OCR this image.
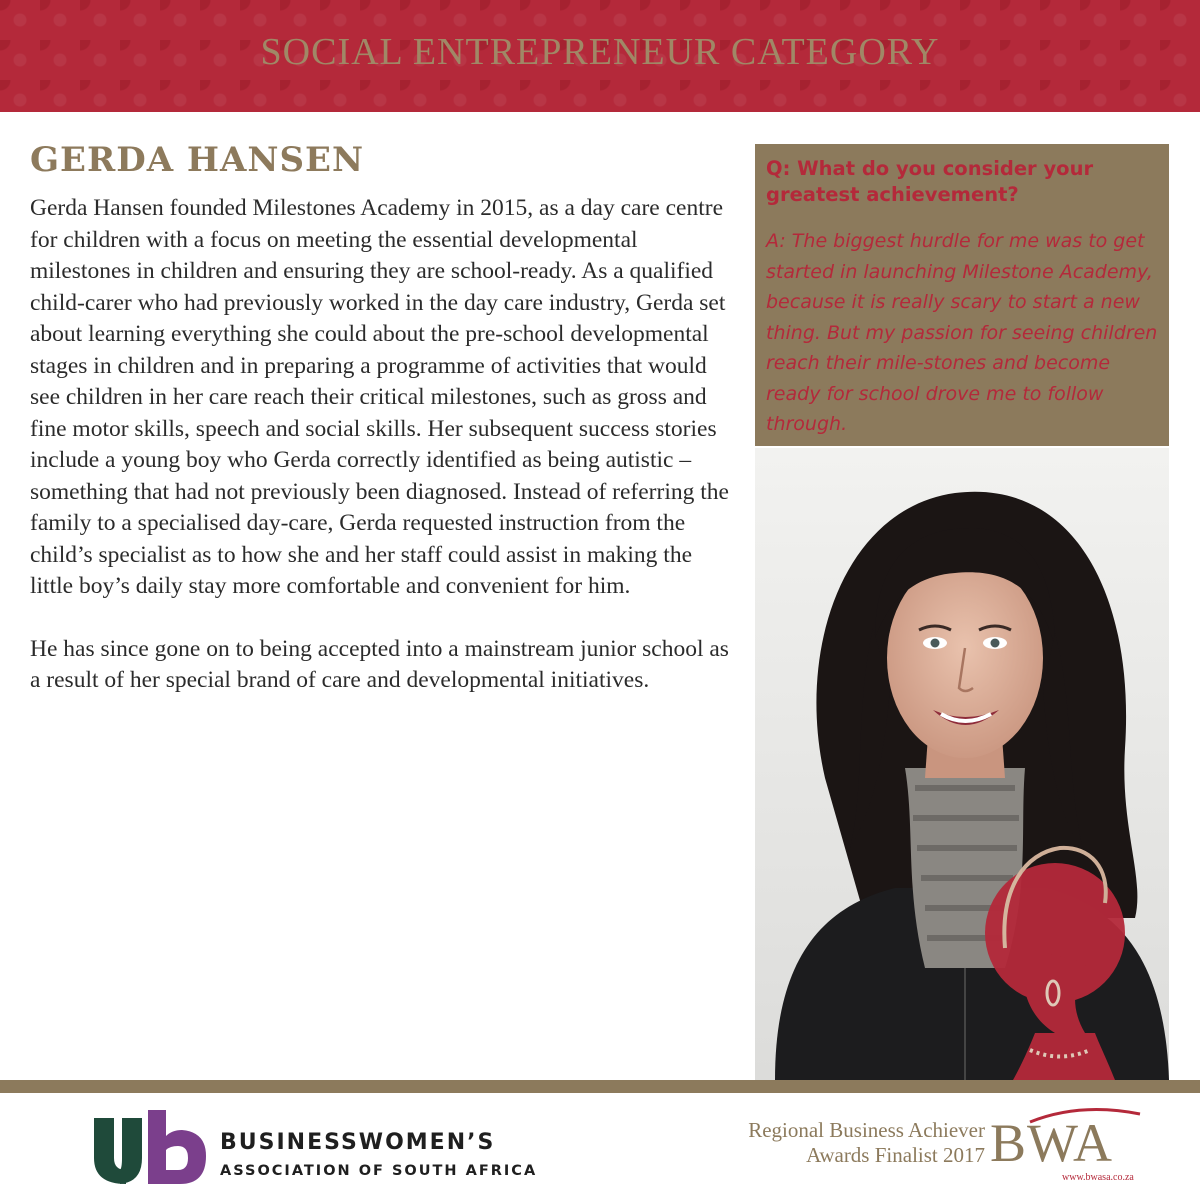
SOCIAL ENTREPRENEUR CATEGORY
GERDA HANSEN

Gerda Hansen founded Milestones Academy in 2015, as a day care centre for children with a focus on meeting the essential developmental milestones in children and ensuring they are school-ready. As a qualified child-carer who had previously worked in the day care industry, Gerda set about learning everything she could about the pre-school developmental stages in children and in preparing a programme of activities that would see children in her care reach their critical milestones, such as gross and fine motor skills, speech and social skills. Her subsequent success stories include a young boy who Gerda correctly identified as being autistic – something that had not previously been diagnosed. Instead of referring the family to a specialised day-care, Gerda requested instruction from the child’s specialist as to how she and her staff could assist in making the little boy’s daily stay more comfortable and convenient for him.

He has since gone on to being accepted into a mainstream junior school as a result of her special brand of care and developmental initiatives.

Q: What do you consider your greatest achievement?
A: The biggest hurdle for me was to get started in launching Milestone Academy, because it is really scary to start a new thing. But my passion for seeing children reach their mile-stones and become ready for school drove me to follow through.
BUSINESSWOMEN’S
ASSOCIATION OF SOUTH AFRICA
Regional Business Achiever
Awards Finalist 2017 BWA
www.bwasa.co.za
